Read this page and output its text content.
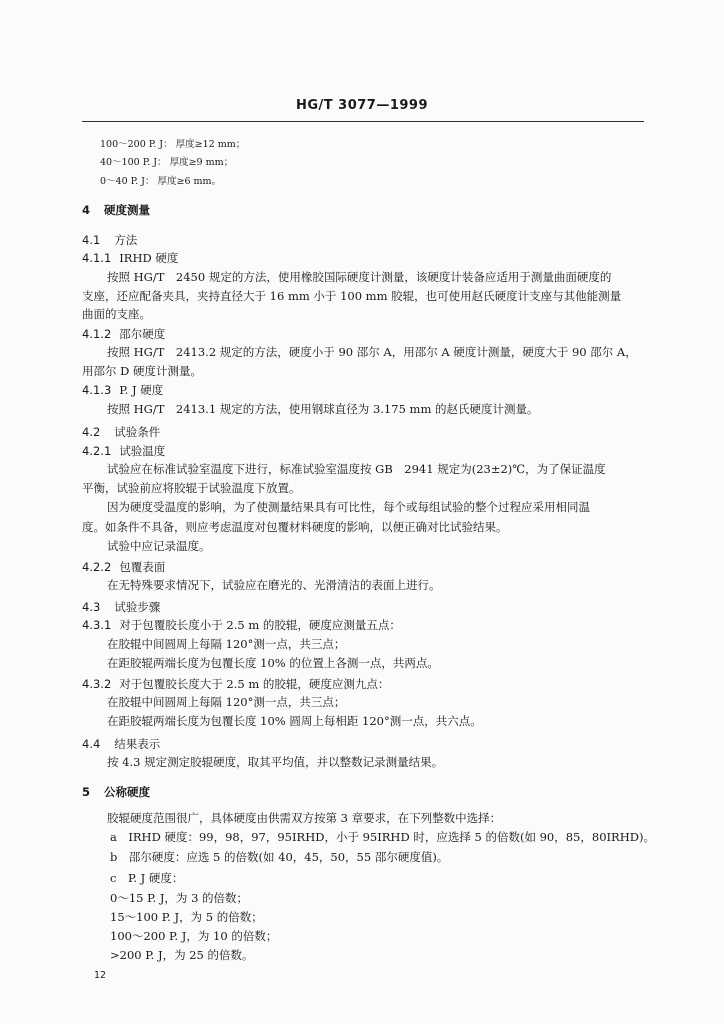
HG/T 3077—1999
100～200 P. J： 厚度≥12 mm；
40～100 P. J： 厚度≥9 mm；
0～40 P. J： 厚度≥6 mm。
4 硬度测量
4.1 方法
4.1.1 IRHD 硬度
按照 HG/T　2450 规定的方法，使用橡胶国际硬度计测量，该硬度计装备应适用于测量曲面硬度的
支座，还应配备夹具，夹持直径大于 16 mm 小于 100 mm 胶辊，也可使用赵氏硬度计支座与其他能测量
曲面的支座。
4.1.2 邵尔硬度
按照 HG/T　2413.2 规定的方法，硬度小于 90 邵尔 A，用邵尔 A 硬度计测量，硬度大于 90 邵尔 A，
用邵尔 D 硬度计测量。
4.1.3 P. J 硬度
按照 HG/T　2413.1 规定的方法，使用钢球直径为 3.175 mm 的赵氏硬度计测量。
4.2 试验条件
4.2.1 试验温度
试验应在标准试验室温度下进行，标准试验室温度按 GB　2941 规定为(23±2)℃，为了保证温度
平衡，试验前应将胶辊于试验温度下放置。
因为硬度受温度的影响，为了使测量结果具有可比性，每个或每组试验的整个过程应采用相同温
度。如条件不具备，则应考虑温度对包覆材料硬度的影响，以便正确对比试验结果。
试验中应记录温度。
4.2.2 包覆表面
在无特殊要求情况下，试验应在磨光的、光滑清洁的表面上进行。
4.3 试验步骤
4.3.1 对于包覆胶长度小于 2.5 m 的胶辊，硬度应测量五点：
在胶辊中间圆周上每隔 120°测一点，共三点；
在距胶辊两端长度为包覆长度 10% 的位置上各测一点，共两点。
4.3.2 对于包覆胶长度大于 2.5 m 的胶辊，硬度应测九点：
在胶辊中间圆周上每隔 120°测一点，共三点；
在距胶辊两端长度为包覆长度 10% 圆周上每相距 120°测一点，共六点。
4.4 结果表示
按 4.3 规定测定胶辊硬度，取其平均值，并以整数记录测量结果。
5 公称硬度
胶辊硬度范围很广，具体硬度由供需双方按第 3 章要求，在下列整数中选择：
a　IRHD 硬度：99，98，97，95IRHD，小于 95IRHD 时，应选择 5 的倍数(如 90，85，80IRHD)。
b　邵尔硬度：应选 5 的倍数(如 40，45，50，55 邵尔硬度值)。
c　P. J 硬度：
0～15 P. J，为 3 的倍数；
15～100 P. J，为 5 的倍数；
100～200 P. J，为 10 的倍数；
>200 P. J，为 25 的倍数。
12
